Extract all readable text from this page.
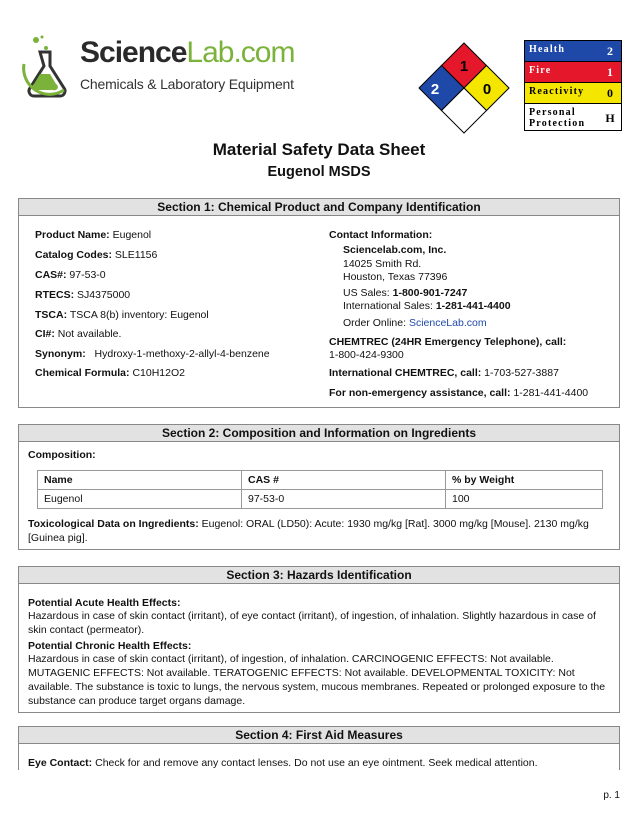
ScienceLab.com
Chemicals & Laboratory Equipment
1
2	0
Health	2
Fire	1
Reactivity	0
Personal Protection	H
Material Safety Data Sheet
Eugenol MSDS
Section 1: Chemical Product and Company Identification
Product Name: Eugenol
Catalog Codes: SLE1156
CAS#: 97-53-0
RTECS: SJ4375000
TSCA: TSCA 8(b) inventory: Eugenol
CI#: Not available.
Synonym:   Hydroxy-1-methoxy-2-allyl-4-benzene
Chemical Formula: C10H12O2
Contact Information:
Sciencelab.com, Inc.
14025 Smith Rd.
Houston, Texas 77396
US Sales: 1-800-901-7247
International Sales: 1-281-441-4400
Order Online: ScienceLab.com
CHEMTREC (24HR Emergency Telephone), call:
1-800-424-9300
International CHEMTREC, call: 1-703-527-3887
For non-emergency assistance, call: 1-281-441-4400
Section 2: Composition and Information on Ingredients
Composition:
Name	CAS #	% by Weight
Eugenol	97-53-0	100
Toxicological Data on Ingredients: Eugenol: ORAL (LD50): Acute: 1930 mg/kg [Rat]. 3000 mg/kg [Mouse]. 2130 mg/kg [Guinea pig].
Section 3: Hazards Identification
Potential Acute Health Effects:
Hazardous in case of skin contact (irritant), of eye contact (irritant), of ingestion, of inhalation. Slightly hazardous in case of skin contact (permeator).
Potential Chronic Health Effects:
Hazardous in case of skin contact (irritant), of ingestion, of inhalation. CARCINOGENIC EFFECTS: Not available. MUTAGENIC EFFECTS: Not available. TERATOGENIC EFFECTS: Not available. DEVELOPMENTAL TOXICITY: Not available. The substance is toxic to lungs, the nervous system, mucous membranes. Repeated or prolonged exposure to the substance can produce target organs damage.
Section 4: First Aid Measures
Eye Contact: Check for and remove any contact lenses. Do not use an eye ointment. Seek medical attention.
p. 1
